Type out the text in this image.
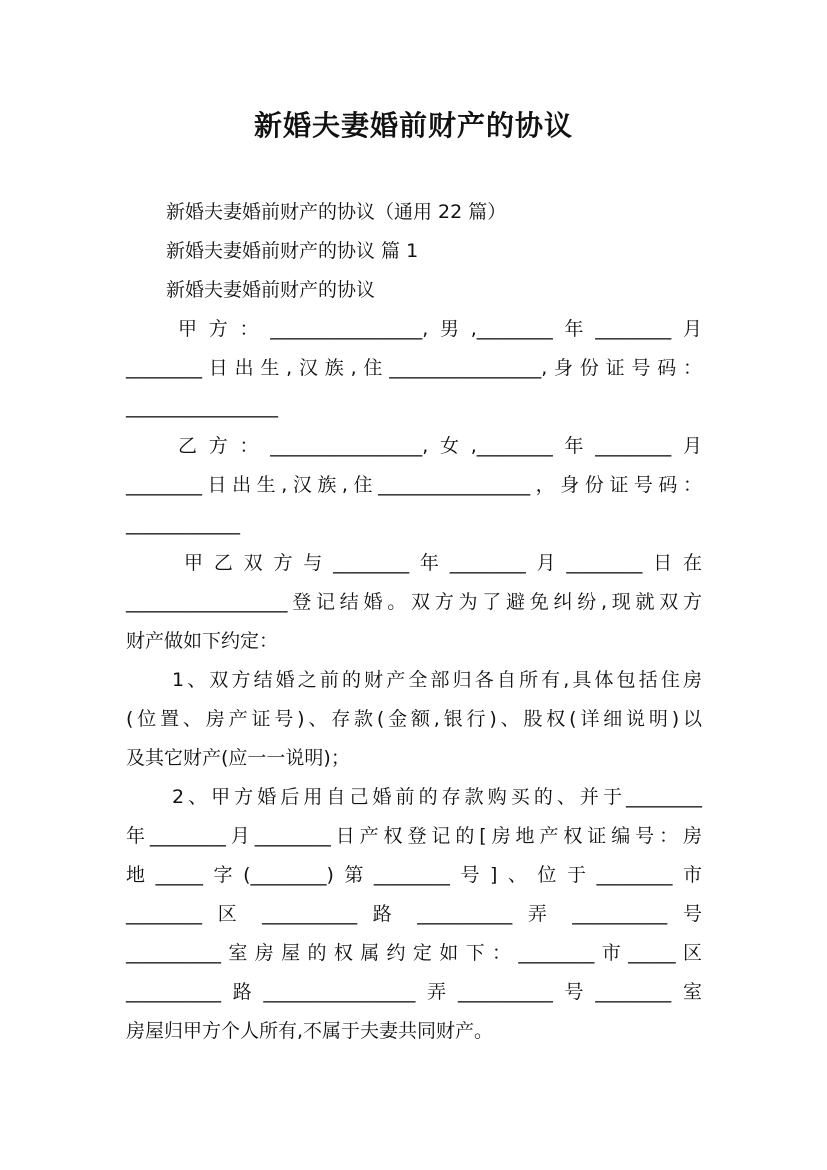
新婚夫妻婚前财产的协议
新婚夫妻婚前财产的协议（通用 22 篇）
新婚夫妻婚前财产的协议 篇 1
新婚夫妻婚前财产的协议
甲方：________________,男,________年________月
________日出生,汉族,住________________,身份证号码：
________________
乙方：________________,女,________年________月
________日出生,汉族,住________________，身份证号码：
____________
甲乙双方与________年________月________日在
_________________登记结婚。双方为了避免纠纷,现就双方
财产做如下约定：
1、双方结婚之前的财产全部归各自所有,具体包括住房
(位置、房产证号)、存款(金额,银行)、股权(详细说明)以
及其它财产(应一一说明)；
2、甲方婚后用自己婚前的存款购买的、并于________
年________月________日产权登记的[房地产权证编号：房
地_____字(________)第________号]、位于________市
________ 区 __________ 路 __________ 弄 __________ 号
__________室房屋的权属约定如下：________市_____区
__________路________________弄__________号________室
房屋归甲方个人所有,不属于夫妻共同财产。
